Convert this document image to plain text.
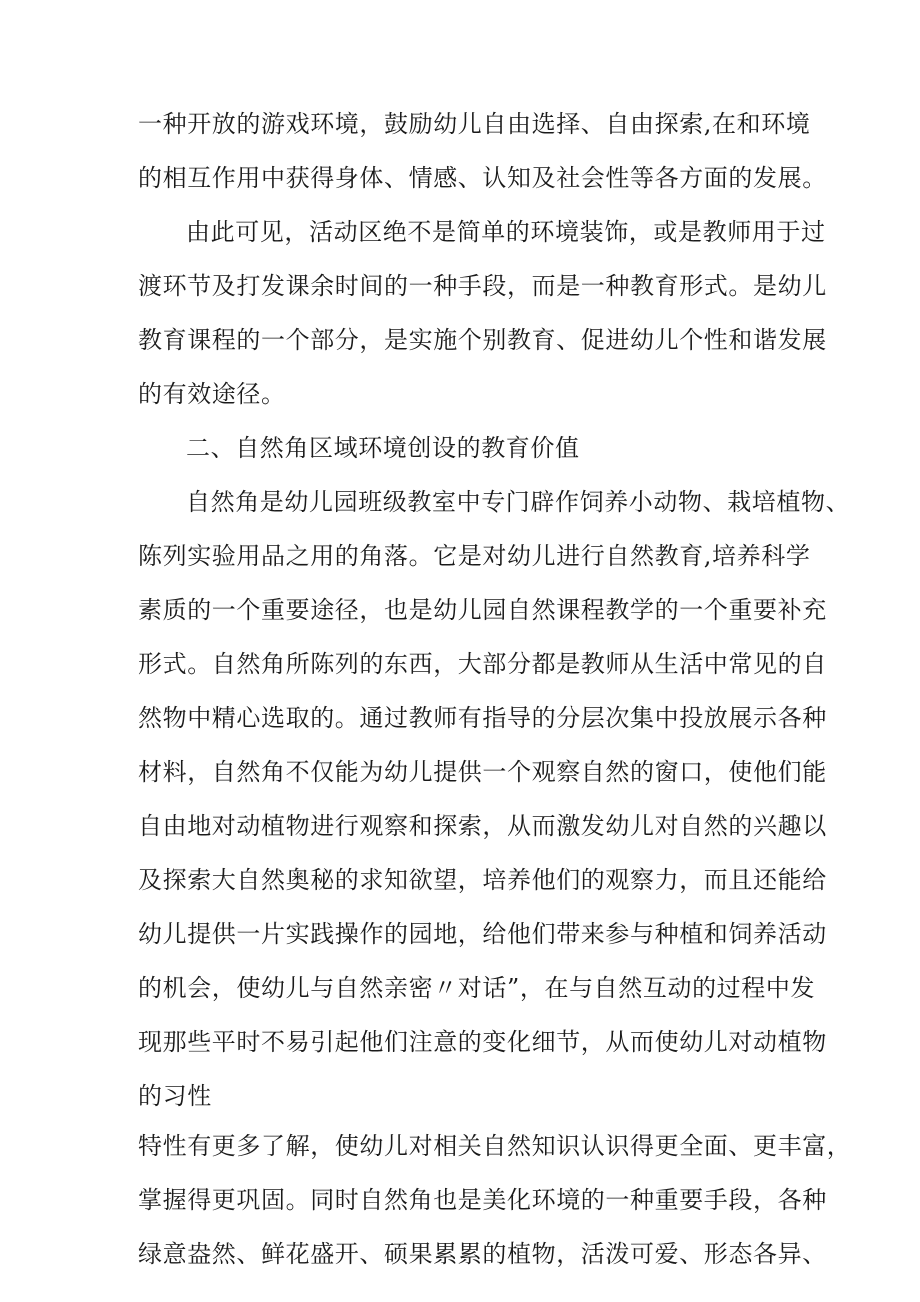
一种开放的游戏环境，鼓励幼儿自由选择、自由探索,在和环境
的相互作用中获得身体、情感、认知及社会性等各方面的发展。
由此可见，活动区绝不是简单的环境装饰，或是教师用于过
渡环节及打发课余时间的一种手段，而是一种教育形式。是幼儿
教育课程的一个部分，是实施个别教育、促进幼儿个性和谐发展
的有效途径。
二、自然角区域环境创设的教育价值
自然角是幼儿园班级教室中专门辟作饲养小动物、栽培植物、
陈列实验用品之用的角落。它是对幼儿进行自然教育,培养科学
素质的一个重要途径，也是幼儿园自然课程教学的一个重要补充
形式。自然角所陈列的东西，大部分都是教师从生活中常见的自
然物中精心选取的。通过教师有指导的分层次集中投放展示各种
材料，自然角不仅能为幼儿提供一个观察自然的窗口，使他们能
自由地对动植物进行观察和探索，从而激发幼儿对自然的兴趣以
及探索大自然奥秘的求知欲望，培养他们的观察力，而且还能给
幼儿提供一片实践操作的园地，给他们带来参与种植和饲养活动
的机会，使幼儿与自然亲密〃对话”，在与自然互动的过程中发
现那些平时不易引起他们注意的变化细节，从而使幼儿对动植物
的习性
特性有更多了解，使幼儿对相关自然知识认识得更全面、更丰富，
掌握得更巩固。同时自然角也是美化环境的一种重要手段，各种
绿意盎然、鲜花盛开、硕果累累的植物，活泼可爱、形态各异、
